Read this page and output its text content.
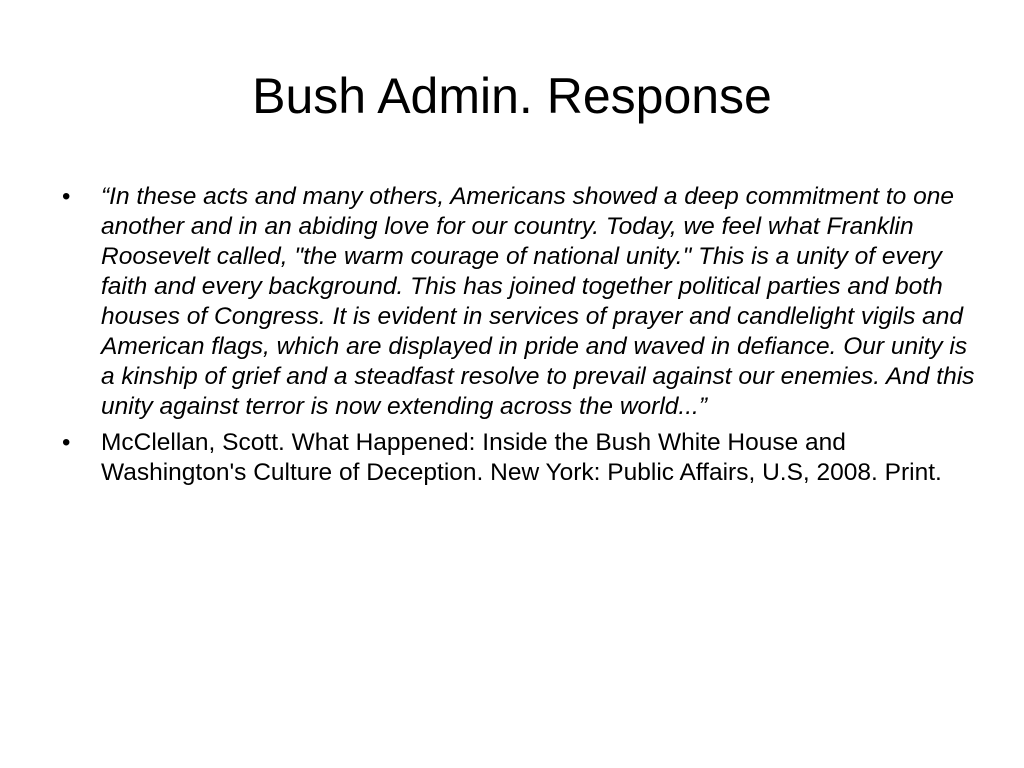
Bush Admin. Response
•	“In these acts and many others, Americans showed a deep commitment to one another and in an abiding love for our country. Today, we feel what Franklin Roosevelt called, "the warm courage of national unity." This is a unity of every faith and every background. This has joined together political parties and both houses of Congress. It is evident in services of prayer and candlelight vigils and American flags, which are displayed in pride and waved in defiance. Our unity is a kinship of grief and a steadfast resolve to prevail against our enemies. And this unity against terror is now extending across the world...”
•	McClellan, Scott. What Happened: Inside the Bush White House and Washington's Culture of Deception. New York: Public Affairs, U.S, 2008. Print.
